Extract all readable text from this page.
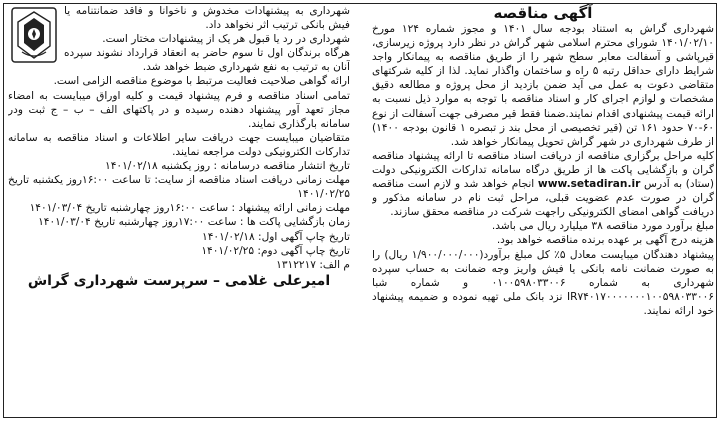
آگهی مناقصه

شهرداری گراش به استناد بودجه سال ۱۴۰۱ و مجوز شماره ۱۲۴ مورخ ۱۴۰۱/۰۲/۱۰ شورای محترم اسلامی شهر گراش در نظر دارد پروژه زیرسازی، قیرپاشی و آسفالت معابر سطح شهر را از طریق مناقصه به پیمانکار واجد شرایط دارای حداقل رتبه ۵ راه و ساختمان واگذار نماید. لذا از کلیه شرکتهای متقاضی دعوت به عمل می آید ضمن بازدید از محل پروژه و مطالعه دقیق مشخصات و لوازم اجرای کار و اسناد مناقصه با توجه به موارد ذیل نسبت به ارائه قیمت پیشنهادی اقدام نمایند.ضمنا فقط قیر مصرفی جهت آسفالت از نوع ۶۰-۷۰ حدود ۱۶۱ تن (قیر تخصیصی از محل بند ز تبصره ۱ قانون بودجه ۱۴۰۰) از طرف شهرداری در شهر گراش تحویل پیمانکار خواهد شد.

کلیه مراحل برگزاری مناقصه از دریافت اسناد مناقصه تا ارائه پیشنهاد مناقصه گران و بازگشایی پاکت ها از طریق درگاه سامانه تدارکات الکترونیکی دولت (ستاد) به آدرس www.setadiran.ir انجام خواهد شد و لازم است مناقصه گران در صورت عدم عضویت قبلی، مراحل ثبت نام در سامانه مذکور و دریافت گواهی امضای الکترونیکی راجهت شرکت در مناقصه محقق سازند.

مبلغ برآورد مورد مناقصه ۳۸ میلیارد ریال می باشد.

هزینه درج آگهی بر عهده برنده مناقصه خواهد بود.

پیشنهاد دهندگان میبایست معادل ۵٪ کل مبلغ برآورد(۱/۹۰۰/۰۰۰/۰۰۰ ریال) را به صورت ضمانت نامه بانکی یا فیش واریز وجه ضمانت به حساب سپرده شهرداری به شماره ۰۱۰۰۵۹۸۰۳۳۰۰۶ و شماره شبا IR۷۴۰۱۷۰۰۰۰۰۰۰۱۰۰۵۹۸۰۳۳۰۰۶ نزد بانک ملی تهیه نموده و ضمیمه پیشنهاد خود ارائه نمایند.

شهرداری به پیشنهادات مخدوش و ناخوانا و فاقد ضمانتنامه یا فیش بانکی ترتیب اثر نخواهد داد.

شهرداری در رد یا قبول هر یک از پیشنهادات مختار است.

هرگاه برندگان اول تا سوم حاضر به انعقاد قرارداد نشوند سپرده آنان به ترتیب به نفع شهرداری ضبط خواهد شد.

ارائه گواهی صلاحیت فعالیت مرتبط با موضوع مناقصه الزامی است.

تمامی اسناد مناقصه و فرم پیشنهاد قیمت و کلیه اوراق میبایست به امضاء مجاز تعهد آور پیشنهاد دهنده رسیده و در پاکتهای الف – ب – ج ثبت ودر سامانه بارگذاری نمایند.

متقاضیان میبایست جهت دریافت سایر اطلاعات و اسناد مناقصه به سامانه تدارکات الکترونیکی دولت مراجعه نمایند.

تاریخ انتشار مناقصه درسامانه : روز یکشنبه ۱۴۰۱/۰۲/۱۸

مهلت زمانی دریافت اسناد مناقصه از سایت: تا ساعت ۱۶:۰۰روز یکشنبه تاریخ ۱۴۰۱/۰۲/۲۵

مهلت زمانی ارائه پیشنهاد : ساعت ۱۶:۰۰روز چهارشنبه تاریخ ۱۴۰۱/۰۳/۰۴

زمان بازگشایی پاکت ها : ساعت ۱۷:۰۰روز چهارشنبه تاریخ ۱۴۰۱/۰۳/۰۴

تاریخ چاپ آگهی اول: ۱۴۰۱/۰۲/۱۸

تاریخ چاپ آگهی دوم: ۱۴۰۱/۰۲/۲۵

م الف: ۱۳۱۲۲۱۷

امیرعلی غلامی – سرپرست شهرداری گراش
